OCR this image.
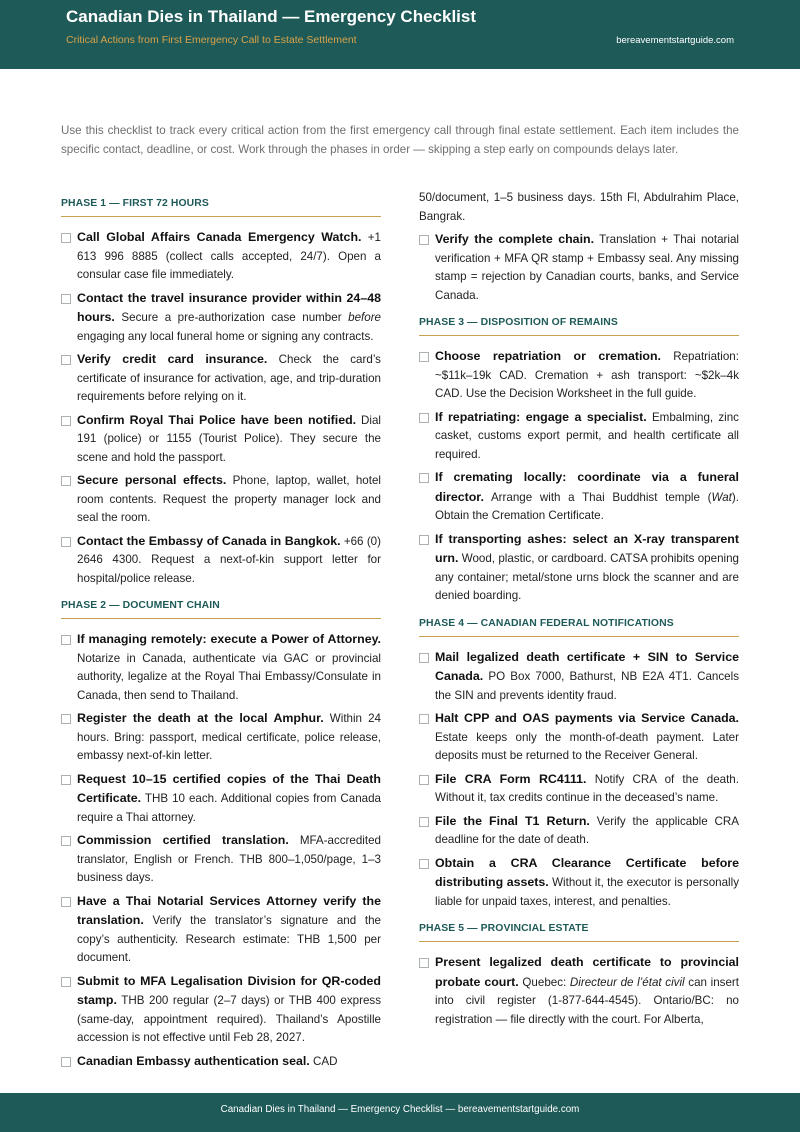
Canadian Dies in Thailand — Emergency Checklist
Critical Actions from First Emergency Call to Estate Settlement	bereavementstartguide.com
Use this checklist to track every critical action from the first emergency call through final estate settlement. Each item includes the specific contact, deadline, or cost. Work through the phases in order — skipping a step early on compounds delays later.
PHASE 1 — FIRST 72 HOURS
Call Global Affairs Canada Emergency Watch. +1 613 996 8885 (collect calls accepted, 24/7). Open a consular case file immediately.
Contact the travel insurance provider within 24–48 hours. Secure a pre-authorization case number before engaging any local funeral home or signing any contracts.
Verify credit card insurance. Check the card’s certificate of insurance for activation, age, and trip-duration requirements before relying on it.
Confirm Royal Thai Police have been notified. Dial 191 (police) or 1155 (Tourist Police). They secure the scene and hold the passport.
Secure personal effects. Phone, laptop, wallet, hotel room contents. Request the property manager lock and seal the room.
Contact the Embassy of Canada in Bangkok. +66 (0) 2646 4300. Request a next-of-kin support letter for hospital/police release.
PHASE 2 — DOCUMENT CHAIN
If managing remotely: execute a Power of Attorney. Notarize in Canada, authenticate via GAC or provincial authority, legalize at the Royal Thai Embassy/Consulate in Canada, then send to Thailand.
Register the death at the local Amphur. Within 24 hours. Bring: passport, medical certificate, police release, embassy next-of-kin letter.
Request 10–15 certified copies of the Thai Death Certificate. THB 10 each. Additional copies from Canada require a Thai attorney.
Commission certified translation. MFA-accredited translator, English or French. THB 800–1,050/page, 1–3 business days.
Have a Thai Notarial Services Attorney verify the translation. Verify the translator’s signature and the copy’s authenticity. Research estimate: THB 1,500 per document.
Submit to MFA Legalisation Division for QR-coded stamp. THB 200 regular (2–7 days) or THB 400 express (same-day, appointment required). Thailand’s Apostille accession is not effective until Feb 28, 2027.
Canadian Embassy authentication seal. CAD
50/document, 1–5 business days. 15th Fl, Abdulrahim Place, Bangrak.
Verify the complete chain. Translation + Thai notarial verification + MFA QR stamp + Embassy seal. Any missing stamp = rejection by Canadian courts, banks, and Service Canada.
PHASE 3 — DISPOSITION OF REMAINS
Choose repatriation or cremation. Repatriation: ~$11k–19k CAD. Cremation + ash transport: ~$2k–4k CAD. Use the Decision Worksheet in the full guide.
If repatriating: engage a specialist. Embalming, zinc casket, customs export permit, and health certificate all required.
If cremating locally: coordinate via a funeral director. Arrange with a Thai Buddhist temple (Wat). Obtain the Cremation Certificate.
If transporting ashes: select an X-ray transparent urn. Wood, plastic, or cardboard. CATSA prohibits opening any container; metal/stone urns block the scanner and are denied boarding.
PHASE 4 — CANADIAN FEDERAL NOTIFICATIONS
Mail legalized death certificate + SIN to Service Canada. PO Box 7000, Bathurst, NB E2A 4T1. Cancels the SIN and prevents identity fraud.
Halt CPP and OAS payments via Service Canada. Estate keeps only the month-of-death payment. Later deposits must be returned to the Receiver General.
File CRA Form RC4111. Notify CRA of the death. Without it, tax credits continue in the deceased’s name.
File the Final T1 Return. Verify the applicable CRA deadline for the date of death.
Obtain a CRA Clearance Certificate before distributing assets. Without it, the executor is personally liable for unpaid taxes, interest, and penalties.
PHASE 5 — PROVINCIAL ESTATE
Present legalized death certificate to provincial probate court. Quebec: Directeur de l’état civil can insert into civil register (1-877-644-4545). Ontario/BC: no registration — file directly with the court. For Alberta,
Canadian Dies in Thailand — Emergency Checklist — bereavementstartguide.com
